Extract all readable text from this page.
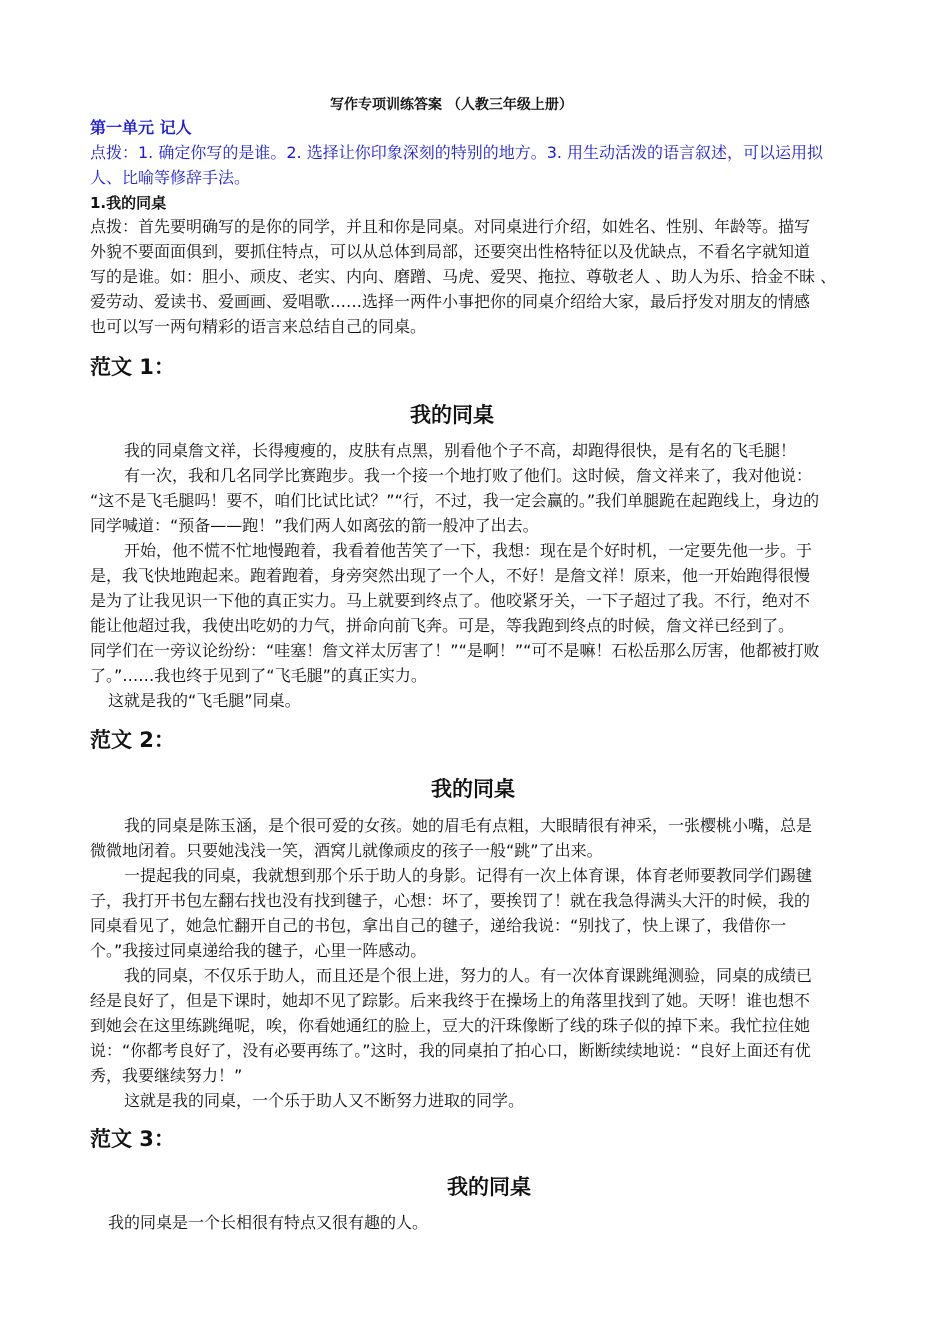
写作专项训练答案 （人教三年级上册）
第一单元 记人
点拨：1. 确定你写的是谁。2. 选择让你印象深刻的特别的地方。3. 用生动活泼的语言叙述，可以运用拟
人、比喻等修辞手法。
1.我的同桌
点拨：首先要明确写的是你的同学，并且和你是同桌。对同桌进行介绍，如姓名、性别、年龄等。描写
外貌不要面面俱到，要抓住特点，可以从总体到局部，还要突出性格特征以及优缺点，不看名字就知道
写的是谁。如：胆小、顽皮、老实、内向、磨蹭、马虎、爱哭、拖拉、尊敬老人 、助人为乐、拾金不昧 、
爱劳动、爱读书、爱画画、爱唱歌……选择一两件小事把你的同桌介绍给大家，最后抒发对朋友的情感
也可以写一两句精彩的语言来总结自己的同桌。
范文 1：
我的同桌
我的同桌詹文祥，长得瘦瘦的，皮肤有点黑，别看他个子不高，却跑得很快，是有名的飞毛腿！
有一次，我和几名同学比赛跑步。我一个接一个地打败了他们。这时候，詹文祥来了，我对他说：
“这不是飞毛腿吗！要不，咱们比试比试？”“行，不过，我一定会赢的。”我们单腿跪在起跑线上，身边的
同学喊道：“预备——跑！”我们两人如离弦的箭一般冲了出去。
开始，他不慌不忙地慢跑着，我看着他苦笑了一下，我想：现在是个好时机，一定要先他一步。于
是，我飞快地跑起来。跑着跑着，身旁突然出现了一个人，不好！是詹文祥！原来，他一开始跑得很慢
是为了让我见识一下他的真正实力。马上就要到终点了。他咬紧牙关，一下子超过了我。不行，绝对不
能让他超过我，我使出吃奶的力气，拼命向前飞奔。可是，等我跑到终点的时候，詹文祥已经到了。
同学们在一旁议论纷纷：“哇塞！詹文祥太厉害了！”“是啊！”“可不是嘛！石松岳那么厉害，他都被打败
了。”……我也终于见到了“飞毛腿”的真正实力。
这就是我的“飞毛腿”同桌。
范文 2：
我的同桌
我的同桌是陈玉涵，是个很可爱的女孩。她的眉毛有点粗，大眼睛很有神采，一张樱桃小嘴，总是
微微地闭着。只要她浅浅一笑，酒窝儿就像顽皮的孩子一般“跳”了出来。
一提起我的同桌，我就想到那个乐于助人的身影。记得有一次上体育课，体育老师要教同学们踢毽
子，我打开书包左翻右找也没有找到毽子，心想：坏了，要挨罚了！就在我急得满头大汗的时候，我的
同桌看见了，她急忙翻开自己的书包，拿出自己的毽子，递给我说：“别找了，快上课了，我借你一
个。”我接过同桌递给我的毽子，心里一阵感动。
我的同桌，不仅乐于助人，而且还是个很上进，努力的人。有一次体育课跳绳测验，同桌的成绩已
经是良好了，但是下课时，她却不见了踪影。后来我终于在操场上的角落里找到了她。天呀！谁也想不
到她会在这里练跳绳呢，唉，你看她通红的脸上，豆大的汗珠像断了线的珠子似的掉下来。我忙拉住她
说：“你都考良好了，没有必要再练了。”这时，我的同桌拍了拍心口，断断续续地说：“良好上面还有优
秀，我要继续努力！”
这就是我的同桌，一个乐于助人又不断努力进取的同学。
范文 3：
我的同桌
我的同桌是一个长相很有特点又很有趣的人。
